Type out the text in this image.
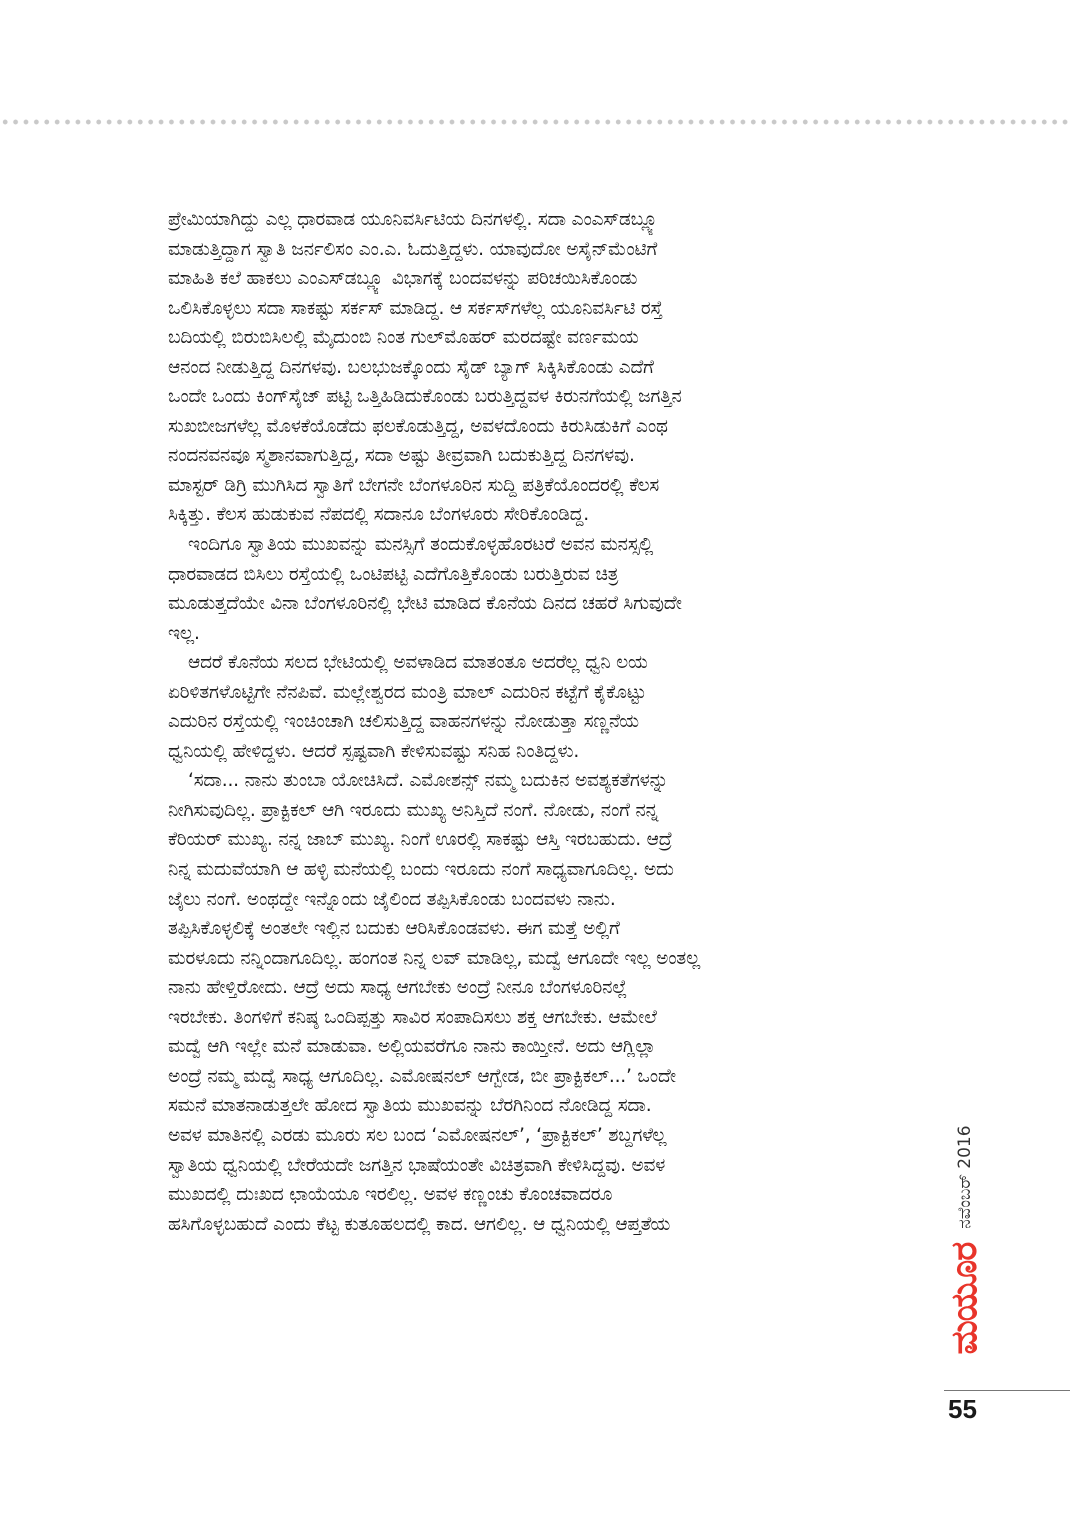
ಪ್ರೇಮಿಯಾಗಿದ್ದು ಎಲ್ಲ ಧಾರವಾಡ ಯೂನಿವರ್ಸಿಟಿಯ ದಿನಗಳಲ್ಲಿ. ಸದಾ ಎಂಎಸ್‌ಡಬ್ಲ್ಯೂ
ಮಾಡುತ್ತಿದ್ದಾಗ ಸ್ವಾತಿ ಜರ್ನಲಿಸಂ ಎಂ.ಎ. ಓದುತ್ತಿದ್ದಳು. ಯಾವುದೋ ಅಸೈನ್‌ಮೆಂಟಿಗೆ
ಮಾಹಿತಿ ಕಲೆ ಹಾಕಲು ಎಂಎಸ್‌ಡಬ್ಲ್ಯೂ ವಿಭಾಗಕ್ಕೆ ಬಂದವಳನ್ನು ಪರಿಚಯಿಸಿಕೊಂಡು
ಒಲಿಸಿಕೊಳ್ಳಲು ಸದಾ ಸಾಕಷ್ಟು ಸರ್ಕಸ್ ಮಾಡಿದ್ದ. ಆ ಸರ್ಕಸ್‌ಗಳೆಲ್ಲ ಯೂನಿವರ್ಸಿಟಿ ರಸ್ತೆ
ಬದಿಯಲ್ಲಿ ಬಿರುಬಿಸಿಲಲ್ಲಿ ಮೈದುಂಬಿ ನಿಂತ ಗುಲ್‌ಮೊಹರ್ ಮರದಷ್ಟೇ ವರ್ಣಮಯ
ಆನಂದ ನೀಡುತ್ತಿದ್ದ ದಿನಗಳವು. ಬಲಭುಜಕ್ಕೊಂದು ಸೈಡ್ ಬ್ಯಾಗ್ ಸಿಕ್ಕಿಸಿಕೊಂಡು ಎದೆಗೆ
ಒಂದೇ ಒಂದು ಕಿಂಗ್‌ಸೈಜ್ ಪಟ್ಟಿ ಒತ್ತಿಹಿಡಿದುಕೊಂಡು ಬರುತ್ತಿದ್ದವಳ ಕಿರುನಗೆಯಲ್ಲಿ ಜಗತ್ತಿನ
ಸುಖಬೀಜಗಳೆಲ್ಲ ಮೊಳಕೆಯೊಡೆದು ಫಲಕೊಡುತ್ತಿದ್ದ, ಅವಳದೊಂದು ಕಿರುಸಿಡುಕಿಗೆ ಎಂಥ
ನಂದನವನವೂ ಸ್ಮಶಾನವಾಗುತ್ತಿದ್ದ, ಸದಾ ಅಷ್ಟು ತೀವ್ರವಾಗಿ ಬದುಕುತ್ತಿದ್ದ ದಿನಗಳವು.
ಮಾಸ್ಟರ್ ಡಿಗ್ರಿ ಮುಗಿಸಿದ ಸ್ವಾತಿಗೆ ಬೇಗನೇ ಬೆಂಗಳೂರಿನ ಸುದ್ದಿ ಪತ್ರಿಕೆಯೊಂದರಲ್ಲಿ ಕೆಲಸ
ಸಿಕ್ಕಿತ್ತು. ಕೆಲಸ ಹುಡುಕುವ ನೆಪದಲ್ಲಿ ಸದಾನೂ ಬೆಂಗಳೂರು ಸೇರಿಕೊಂಡಿದ್ದ.
ಇಂದಿಗೂ ಸ್ವಾತಿಯ ಮುಖವನ್ನು ಮನಸ್ಸಿಗೆ ತಂದುಕೊಳ್ಳಹೊರಟರೆ ಅವನ ಮನಸ್ಸಲ್ಲಿ
ಧಾರವಾಡದ ಬಿಸಿಲು ರಸ್ತೆಯಲ್ಲಿ ಒಂಟಿಪಟ್ಟಿ ಎದೆಗೊತ್ತಿಕೊಂಡು ಬರುತ್ತಿರುವ ಚಿತ್ರ
ಮೂಡುತ್ತದೆಯೇ ವಿನಾ ಬೆಂಗಳೂರಿನಲ್ಲಿ ಭೇಟಿ ಮಾಡಿದ ಕೊನೆಯ ದಿನದ ಚಹರೆ ಸಿಗುವುದೇ
ಇಲ್ಲ.
ಆದರೆ ಕೊನೆಯ ಸಲದ ಭೇಟಿಯಲ್ಲಿ ಅವಳಾಡಿದ ಮಾತಂತೂ ಅದರೆಲ್ಲ ಧ್ವನಿ ಲಯ
ಏರಿಳಿತಗಳೊಟ್ಟಿಗೇ ನೆನಪಿವೆ. ಮಲ್ಲೇಶ್ವರದ ಮಂತ್ರಿ ಮಾಲ್ ಎದುರಿನ ಕಟ್ಟೆಗೆ ಕೈಕೊಟ್ಟು
ಎದುರಿನ ರಸ್ತೆಯಲ್ಲಿ ಇಂಚಿಂಚಾಗಿ ಚಲಿಸುತ್ತಿದ್ದ ವಾಹನಗಳನ್ನು ನೋಡುತ್ತಾ ಸಣ್ಣನೆಯ
ಧ್ವನಿಯಲ್ಲಿ ಹೇಳಿದ್ದಳು. ಆದರೆ ಸ್ಪಷ್ಟವಾಗಿ ಕೇಳಿಸುವಷ್ಟು ಸನಿಹ ನಿಂತಿದ್ದಳು.
‘ಸದಾ... ನಾನು ತುಂಬಾ ಯೋಚಿಸಿದೆ. ಎಮೋಶನ್ಸ್ ನಮ್ಮ ಬದುಕಿನ ಅವಶ್ಯಕತೆಗಳನ್ನು
ನೀಗಿಸುವುದಿಲ್ಲ. ಪ್ರಾಕ್ಟಿಕಲ್ ಆಗಿ ಇರೂದು ಮುಖ್ಯ ಅನಿಸ್ತಿದೆ ನಂಗೆ. ನೋಡು, ನಂಗೆ ನನ್ನ
ಕೆರಿಯರ್ ಮುಖ್ಯ. ನನ್ನ ಜಾಬ್ ಮುಖ್ಯ. ನಿಂಗೆ ಊರಲ್ಲಿ ಸಾಕಷ್ಟು ಆಸ್ತಿ ಇರಬಹುದು. ಆದ್ರೆ
ನಿನ್ನ ಮದುವೆಯಾಗಿ ಆ ಹಳ್ಳಿ ಮನೆಯಲ್ಲಿ ಬಂದು ಇರೂದು ನಂಗೆ ಸಾಧ್ಯವಾಗೂದಿಲ್ಲ. ಅದು
ಜೈಲು ನಂಗೆ. ಅಂಥದ್ದೇ ಇನ್ನೊಂದು ಜೈಲಿಂದ ತಪ್ಪಿಸಿಕೊಂಡು ಬಂದವಳು ನಾನು.
ತಪ್ಪಿಸಿಕೊಳ್ಳಲಿಕ್ಕೆ ಅಂತಲೇ ಇಲ್ಲಿನ ಬದುಕು ಆರಿಸಿಕೊಂಡವಳು. ಈಗ ಮತ್ತೆ ಅಲ್ಲಿಗೆ
ಮರಳೂದು ನನ್ನಿಂದಾಗೂದಿಲ್ಲ. ಹಂಗಂತ ನಿನ್ನ ಲವ್ ಮಾಡಿಲ್ಲ, ಮದ್ವೆ ಆಗೂದೇ ಇಲ್ಲ ಅಂತಲ್ಲ
ನಾನು ಹೇಳ್ತಿರೋದು. ಆದ್ರೆ ಅದು ಸಾಧ್ಯ ಆಗಬೇಕು ಅಂದ್ರೆ ನೀನೂ ಬೆಂಗಳೂರಿನಲ್ಲೆ
ಇರಬೇಕು. ತಿಂಗಳಿಗೆ ಕನಿಷ್ಠ ಒಂದಿಪ್ಪತ್ತು ಸಾವಿರ ಸಂಪಾದಿಸಲು ಶಕ್ತ ಆಗಬೇಕು. ಆಮೇಲೆ
ಮದ್ವೆ ಆಗಿ ಇಲ್ಲೇ ಮನೆ ಮಾಡುವಾ. ಅಲ್ಲಿಯವರೆಗೂ ನಾನು ಕಾಯ್ತೀನೆ. ಅದು ಆಗ್ಲಿಲ್ಲಾ
ಅಂದ್ರೆ ನಮ್ಮ ಮದ್ವೆ ಸಾಧ್ಯ ಆಗೂದಿಲ್ಲ. ಎಮೋಷನಲ್ ಆಗ್ಬೇಡ, ಬೀ ಪ್ರಾಕ್ಟಿಕಲ್...’ ಒಂದೇ
ಸಮನೆ ಮಾತನಾಡುತ್ತಲೇ ಹೋದ ಸ್ವಾತಿಯ ಮುಖವನ್ನು ಬೆರಗಿನಿಂದ ನೋಡಿದ್ದ ಸದಾ.
ಅವಳ ಮಾತಿನಲ್ಲಿ ಎರಡು ಮೂರು ಸಲ ಬಂದ ‘ಎಮೋಷನಲ್’, ‘ಪ್ರಾಕ್ಟಿಕಲ್’ ಶಬ್ದಗಳೆಲ್ಲ
ಸ್ವಾತಿಯ ಧ್ವನಿಯಲ್ಲಿ ಬೇರೆಯದೇ ಜಗತ್ತಿನ ಭಾಷೆಯಂತೇ ವಿಚಿತ್ರವಾಗಿ ಕೇಳಿಸಿದ್ದವು. ಅವಳ
ಮುಖದಲ್ಲಿ ದುಃಖದ ಛಾಯೆಯೂ ಇರಲಿಲ್ಲ. ಅವಳ ಕಣ್ಣಂಚು ಕೊಂಚವಾದರೂ
ಹಸಿಗೊಳ್ಳಬಹುದೆ ಎಂದು ಕೆಟ್ಟ ಕುತೂಹಲದಲ್ಲಿ ಕಾದ. ಆಗಲಿಲ್ಲ. ಆ ಧ್ವನಿಯಲ್ಲಿ ಆಪ್ತತೆಯ
ಮಯೂರ
ನವೆಂಬರ್ 2016
55
